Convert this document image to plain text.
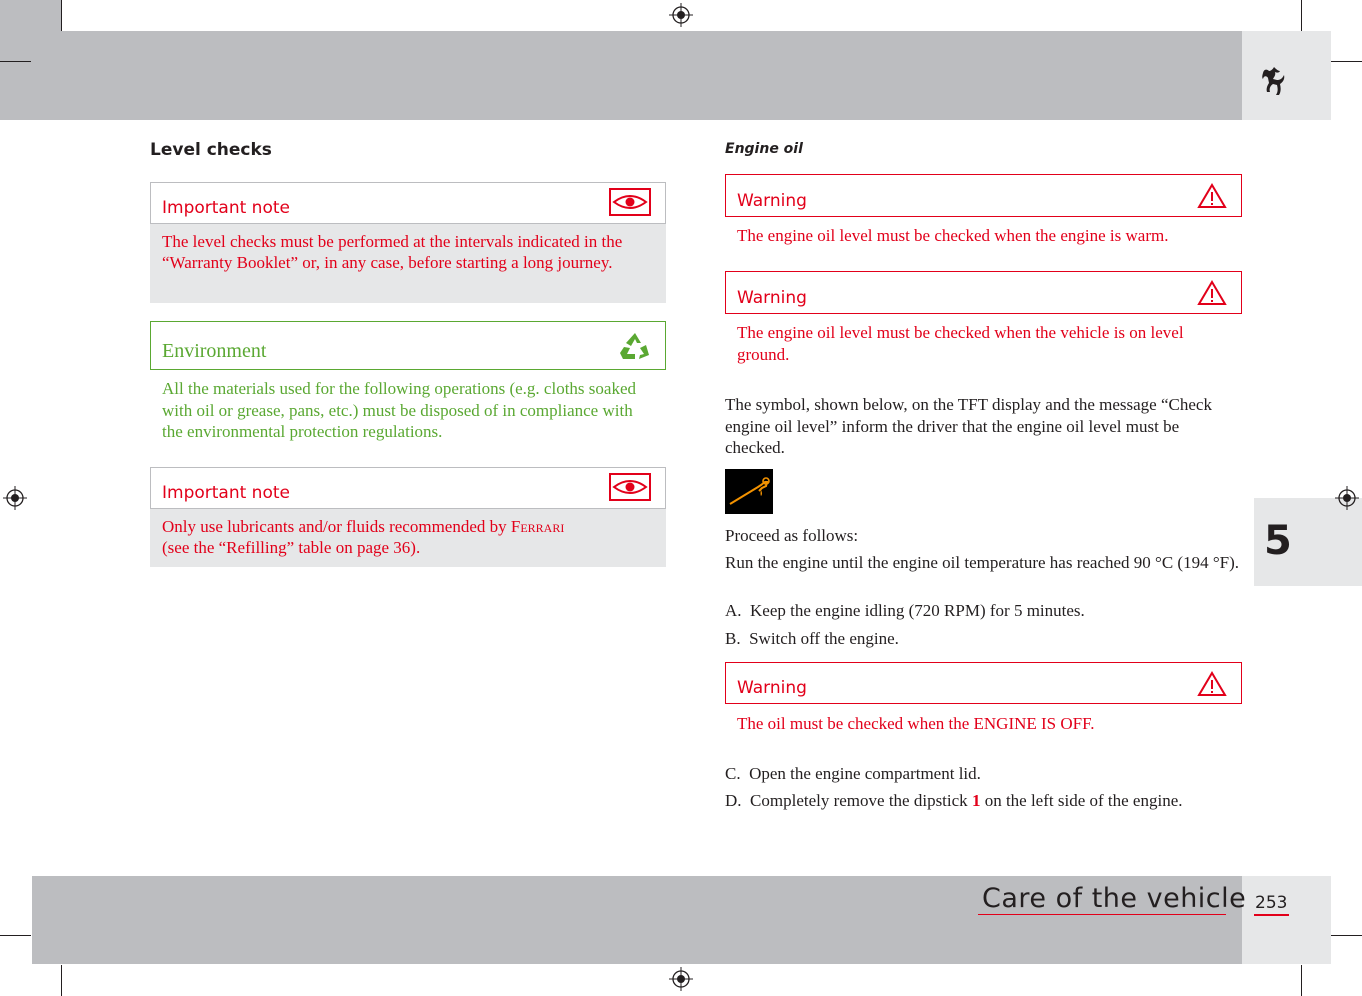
5
Level checks
Important note
The level checks must be performed at the intervals indicated in the “Warranty Booklet” or, in any case, before starting a long journey.
Environment
All the materials used for the following operations (e.g. cloths soaked with oil or grease, pans, etc.) must be disposed of in compliance with the environmental protection regulations.
Important note
Only use lubricants and/or fluids recommended by Ferrari
(see the “Refilling” table on page 36).
Engine oil
Warning
The engine oil level must be checked when the engine is warm.
Warning
The engine oil level must be checked when the vehicle is on level ground.
The symbol, shown below, on the TFT display and the message “Check engine oil level” inform the driver that the engine oil level must be checked.
Proceed as follows:
Run the engine until the engine oil temperature has reached 90 °C (194 °F).
A.  Keep the engine idling (720 RPM) for 5 minutes.
B.  Switch off the engine.
Warning
The oil must be checked when the ENGINE IS OFF.
C.  Open the engine compartment lid.
D.  Completely remove the dipstick 1 on the left side of the engine.
Care of the vehicle 253
